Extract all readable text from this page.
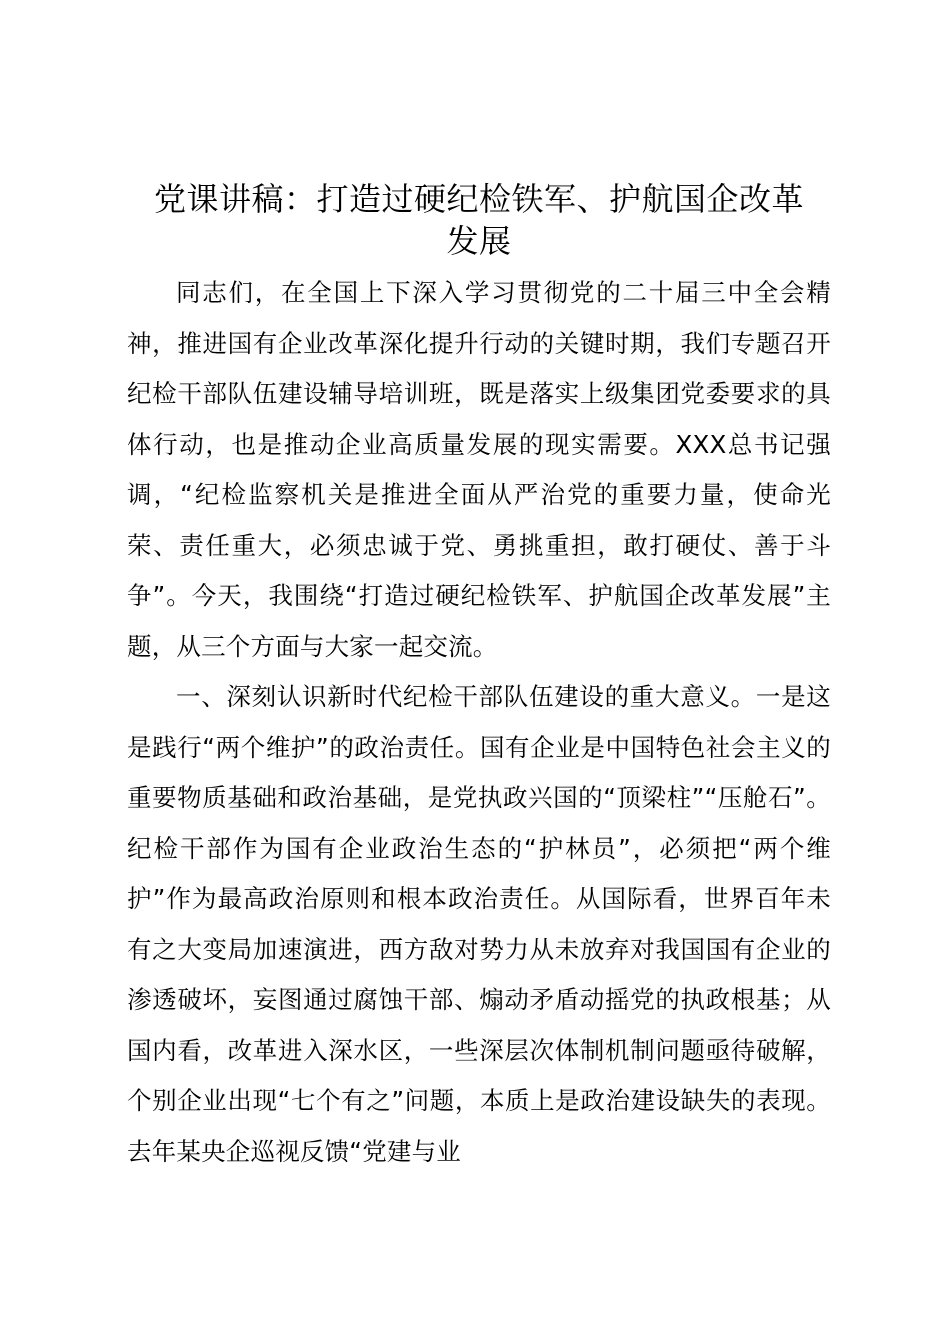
党课讲稿：打造过硬纪检铁军、护航国企改革
发展

同志们，在全国上下深入学习贯彻党的二十届三中全会精神，推进国有企业改革深化提升行动的关键时期，我们专题召开纪检干部队伍建设辅导培训班，既是落实上级集团党委要求的具体行动，也是推动企业高质量发展的现实需要。XXX总书记强调，“纪检监察机关是推进全面从严治党的重要力量，使命光荣、责任重大，必须忠诚于党、勇挑重担，敢打硬仗、善于斗争”。今天，我围绕“打造过硬纪检铁军、护航国企改革发展”主题，从三个方面与大家一起交流。

一、深刻认识新时代纪检干部队伍建设的重大意义。一是这是践行“两个维护”的政治责任。国有企业是中国特色社会主义的重要物质基础和政治基础，是党执政兴国的“顶梁柱”“压舱石”。纪检干部作为国有企业政治生态的“护林员”，必须把“两个维护”作为最高政治原则和根本政治责任。从国际看，世界百年未有之大变局加速演进，西方敌对势力从未放弃对我国国有企业的渗透破坏，妄图通过腐蚀干部、煽动矛盾动摇党的执政根基；从国内看，改革进入深水区，一些深层次体制机制问题亟待破解，个别企业出现“七个有之”问题，本质上是政治建设缺失的表现。去年某央企巡视反馈“党建与业
